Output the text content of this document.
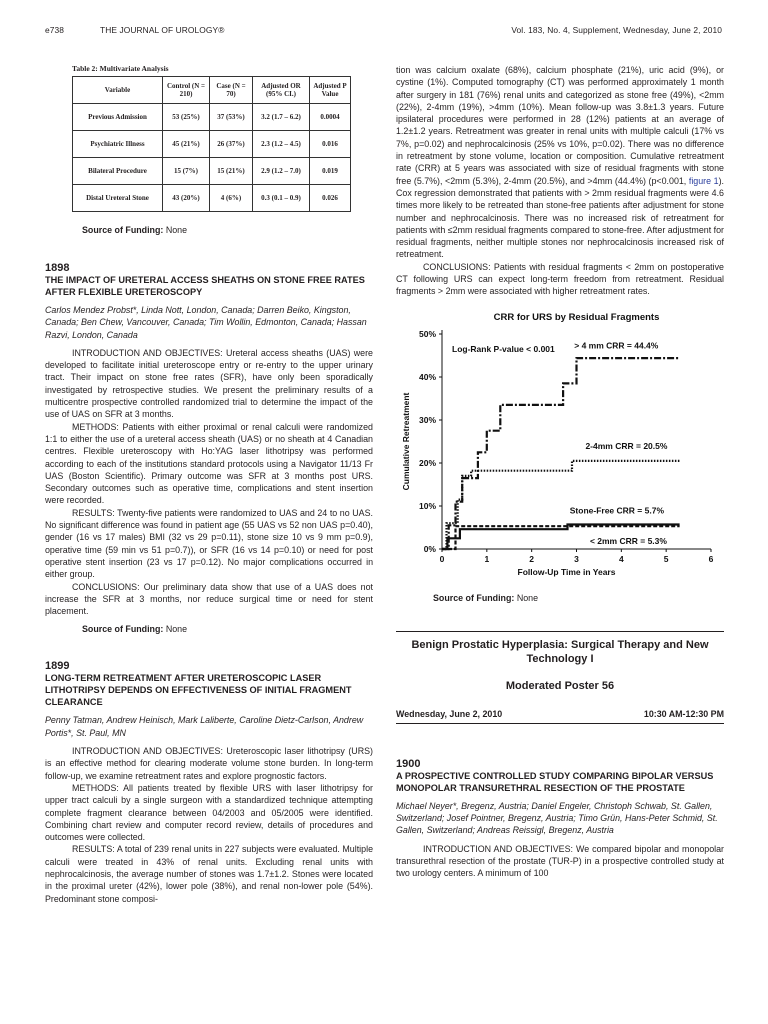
e738	THE JOURNAL OF UROLOGY®	Vol. 183, No. 4, Supplement, Wednesday, June 2, 2010
Table 2: Multivariate Analysis
Variable	Control (N = 210)	Case (N = 70)	Adjusted OR (95% CI.)	Adjusted P Value
Previous Admission	53 (25%)	37 (53%)	3.2 (1.7 – 6.2)	0.0004
Psychiatric Illness	45 (21%)	26 (37%)	2.3 (1.2 – 4.5)	0.016
Bilateral Procedure	15 (7%)	15 (21%)	2.9 (1.2 – 7.0)	0.019
Distal Ureteral Stone	43 (20%)	4 (6%)	0.3 (0.1 – 0.9)	0.026

Source of Funding: None

1898

THE IMPACT OF URETERAL ACCESS SHEATHS ON STONE FREE RATES AFTER FLEXIBLE URETEROSCOPY

Carlos Mendez Probst*, Linda Nott, London, Canada; Darren Beiko, Kingston, Canada; Ben Chew, Vancouver, Canada; Tim Wollin, Edmonton, Canada; Hassan Razvi, London, Canada

INTRODUCTION AND OBJECTIVES: Ureteral access sheaths (UAS) were developed to facilitate initial ureteroscope entry or re-entry to the upper urinary tract. Their impact on stone free rates (SFR), have only been sporadically investigated by retrospective studies. We present the preliminary results of a multicentre prospective controlled randomized trial to determine the impact of the use of UAS on SFR at 3 months.

METHODS: Patients with either proximal or renal calculi were randomized 1:1 to either the use of a ureteral access sheath (UAS) or no sheath at 4 Canadian centres. Flexible ureteroscopy with Ho:YAG laser lithotripsy was performed according to each of the institutions standard protocols using a Navigator 11/13 Fr UAS (Boston Scientific). Primary outcome was SFR at 3 months post URS. Secondary outcomes such as operative time, complications and stent insertion were recorded.

RESULTS: Twenty-five patients were randomized to UAS and 24 to no UAS. No significant difference was found in patient age (55 UAS vs 52 non UAS p=0.40), gender (16 vs 17 males) BMI (32 vs 29 p=0.11), stone size 10 vs 9 mm p=0.9), operative time (59 min vs 51 p=0.7)), or SFR (16 vs 14 p=0.10) or need for post operative stent insertion (23 vs 17 p=0.12). No major complications occurred in either group.

CONCLUSIONS: Our preliminary data show that use of a UAS does not increase the SFR at 3 months, nor reduce surgical time or need for stent placement.

Source of Funding: None

1899

LONG-TERM RETREATMENT AFTER URETEROSCOPIC LASER LITHOTRIPSY DEPENDS ON EFFECTIVENESS OF INITIAL FRAGMENT CLEARANCE

Penny Tatman, Andrew Heinisch, Mark Laliberte, Caroline Dietz-Carlson, Andrew Portis*, St. Paul, MN

INTRODUCTION AND OBJECTIVES: Ureteroscopic laser lithotripsy (URS) is an effective method for clearing moderate volume stone burden. In long-term follow-up, we examine retreatment rates and explore prognostic factors.

METHODS: All patients treated by flexible URS with laser lithotripsy for upper tract calculi by a single surgeon with a standardized technique attempting complete fragment clearance between 04/2003 and 05/2005 were identified. Combining chart review and computer record review, details of procedures and outcomes were collected.

RESULTS: A total of 239 renal units in 227 subjects were evaluated. Multiple calculi were treated in 43% of renal units. Excluding renal units with nephrocalcinosis, the average number of stones was 1.7±1.2. Stones were located in the proximal ureter (42%), lower pole (38%), and renal non-lower pole (54%). Predominant stone composi-

tion was calcium oxalate (68%), calcium phosphate (21%), uric acid (9%), or cystine (1%). Computed tomography (CT) was performed approximately 1 month after surgery in 181 (76%) renal units and categorized as stone free (49%), <2mm (22%), 2-4mm (19%), >4mm (10%). Mean follow-up was 3.8±1.3 years. Future ipsilateral procedures were performed in 28 (12%) patients at an average of 1.2±1.2 years. Retreatment was greater in renal units with multiple calculi (17% vs 7%, p=0.02) and nephrocalcinosis (25% vs 10%, p=0.02). There was no difference in retreatment by stone volume, location or composition. Cumulative retreatment rate (CRR) at 5 years was associated with size of residual fragments with stone free (5.7%), <2mm (5.3%), 2-4mm (20.5%), and >4mm (44.4%) (p<0.001, figure 1). Cox regression demonstrated that patients with > 2mm residual fragments were 4.6 times more likely to be retreated than stone-free patients after adjustment for stone number and nephrocalcinosis. There was no increased risk of retreatment for patients with ≤2mm residual fragments compared to stone-free. After adjustment for residual fragments, neither multiple stones nor nephrocalcinosis increased risk of retreatment.

CONCLUSIONS: Patients with residual fragments < 2mm on postoperative CT following URS can expect long-term freedom from retreatment. Residual fragments > 2mm were associated with higher retreatment rates.

CRR for URS by Residual Fragments
0%
10%
20%
30%
40%
50%
0	1	2	3	4	5	6
Follow-Up Time in Years
Cumulative Retreatment
Log-Rank P-value < 0.001 > 4 mm CRR = 44.4%
2-4mm CRR = 20.5%
Stone-Free CRR = 5.7%
< 2mm CRR = 5.3%

Source of Funding: None

Benign Prostatic Hyperplasia: Surgical Therapy and New Technology I
Moderated Poster 56
Wednesday, June 2, 2010	10:30 AM-12:30 PM

1900

A PROSPECTIVE CONTROLLED STUDY COMPARING BIPOLAR VERSUS MONOPOLAR TRANSURETHRAL RESECTION OF THE PROSTATE

Michael Neyer*, Bregenz, Austria; Daniel Engeler, Christoph Schwab, St. Gallen, Switzerland; Josef Pointner, Bregenz, Austria; Timo Grün, Hans-Peter Schmid, St. Gallen, Switzerland; Andreas Reissigl, Bregenz, Austria

INTRODUCTION AND OBJECTIVES: We compared bipolar and monopolar transurethral resection of the prostate (TUR-P) in a prospective controlled study at two urology centers. A minimum of 100
